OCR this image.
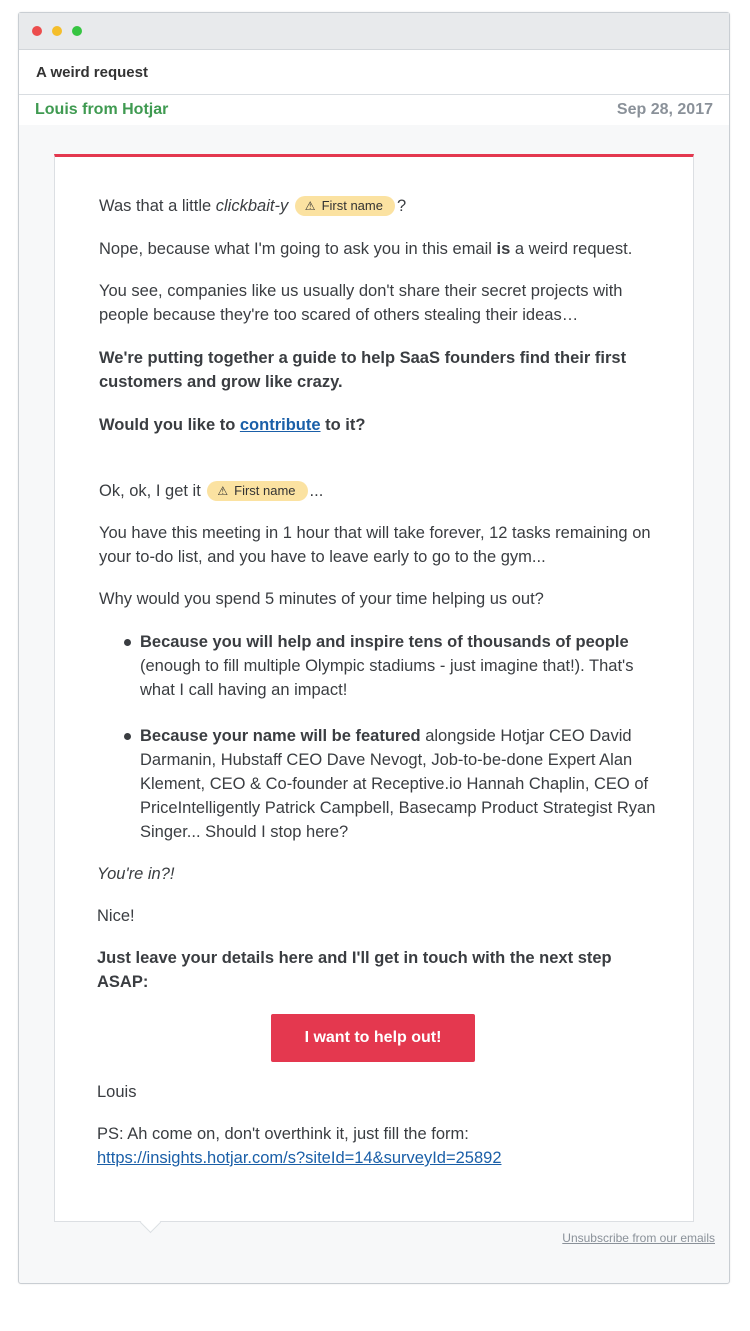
A weird request
Louis from Hotjar	Sep 28, 2017

Was that a little clickbait-y ⚠ First name ?

Nope, because what I'm going to ask you in this email is a weird request.

You see, companies like us usually don't share their secret projects with people because they're too scared of others stealing their ideas…

We're putting together a guide to help SaaS founders find their first customers and grow like crazy.

Would you like to contribute to it?

Ok, ok, I get it ⚠ First name ...

You have this meeting in 1 hour that will take forever, 12 tasks remaining on your to-do list, and you have to leave early to go to the gym...

Why would you spend 5 minutes of your time helping us out?

Because you will help and inspire tens of thousands of people (enough to fill multiple Olympic stadiums - just imagine that!). That's what I call having an impact!
Because your name will be featured alongside Hotjar CEO David Darmanin, Hubstaff CEO Dave Nevogt, Job-to-be-done Expert Alan Klement, CEO & Co-founder at Receptive.io Hannah Chaplin, CEO of PriceIntelligently Patrick Campbell, Basecamp Product Strategist Ryan Singer... Should I stop here?

You're in?!

Nice!

Just leave your details here and I'll get in touch with the next step ASAP:

Louis

PS: Ah come on, don't overthink it, just fill the form:
https://insights.hotjar.com/s?siteId=14&surveyId=25892

I want to help out!
Unsubscribe from our emails
